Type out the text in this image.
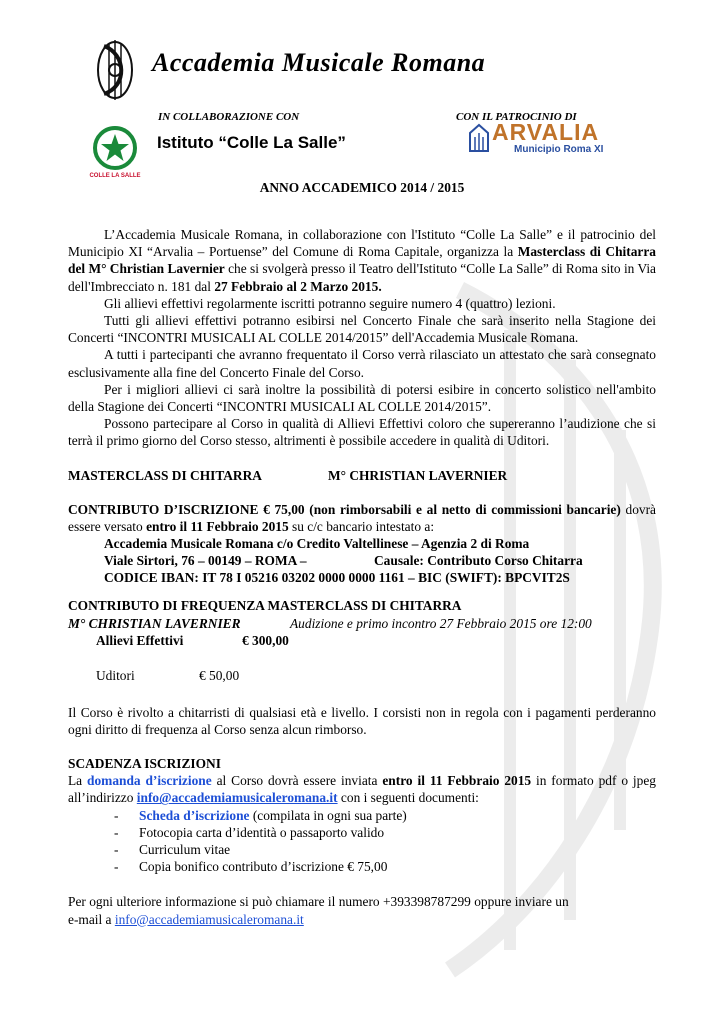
Accademia Musicale Romana
IN COLLABORAZIONE CON	CON IL PATROCINIO DI
COLLE LA SALLE
Istituto “Colle La Salle”	ARVALIA
Municipio Roma XI
ANNO ACCADEMICO 2014 / 2015

L’Accademia Musicale Romana, in collaborazione con l'Istituto “Colle La Salle” e il patrocinio del Municipio XI “Arvalia – Portuense” del Comune di Roma Capitale, organizza la Masterclass di Chitarra del M° Christian Lavernier che si svolgerà presso il Teatro dell'Istituto “Colle La Salle” di Roma sito in Via dell'Imbrecciato n. 181 dal 27 Febbraio al 2 Marzo 2015.

Gli allievi effettivi regolarmente iscritti potranno seguire numero 4 (quattro) lezioni.

Tutti gli allievi effettivi potranno esibirsi nel Concerto Finale che sarà inserito nella Stagione dei Concerti “INCONTRI MUSICALI AL COLLE 2014/2015” dell'Accademia Musicale Romana.

A tutti i partecipanti che avranno frequentato il Corso verrà rilasciato un attestato che sarà consegnato esclusivamente alla fine del Concerto Finale del Corso.

Per i migliori allievi ci sarà inoltre la possibilità di potersi esibire in concerto solistico nell'ambito della Stagione dei Concerti “INCONTRI MUSICALI AL COLLE 2014/2015”.

Possono partecipare al Corso in qualità di Allievi Effettivi coloro che supereranno l’audizione che si terrà il primo giorno del Corso stesso, altrimenti è possibile accedere in qualità di Uditori.

MASTERCLASS DI CHITARRA	M° CHRISTIAN LAVERNIER

CONTRIBUTO D’ISCRIZIONE € 75,00 (non rimborsabili e al netto di commissioni bancarie) dovrà essere versato entro il 11 Febbraio 2015 su c/c bancario intestato a:

Accademia Musicale Romana c/o Credito Valtellinese – Agenzia 2 di Roma
Viale Sirtori, 76 – 00149 – ROMA –	Causale: Contributo Corso Chitarra
CODICE IBAN: IT 78 I 05216 03202 0000 0000 1161 – BIC (SWIFT): BPCVIT2S
CONTRIBUTO DI FREQUENZA MASTERCLASS DI CHITARRA
M° CHRISTIAN LAVERNIER	Audizione e primo incontro 27 Febbraio 2015 ore 12:00
Allievi Effettivi	€ 300,00
Uditori	€ 50,00

Il Corso è rivolto a chitarristi di qualsiasi età e livello. I corsisti non in regola con i pagamenti perderanno ogni diritto di frequenza al Corso senza alcun rimborso.

SCADENZA ISCRIZIONI

La domanda d’iscrizione al Corso dovrà essere inviata entro il 11 Febbraio 2015 in formato pdf o jpeg all’indirizzo info@accademiamusicaleromana.it con i seguenti documenti:

- Scheda d’iscrizione (compilata in ogni sua parte)
- Fotocopia carta d’identità o passaporto valido
- Curriculum vitae
- Copia bonifico contributo d’iscrizione € 75,00
Per ogni ulteriore informazione si può chiamare il numero +393398787299 oppure inviare un
e-mail a info@accademiamusicaleromana.it
